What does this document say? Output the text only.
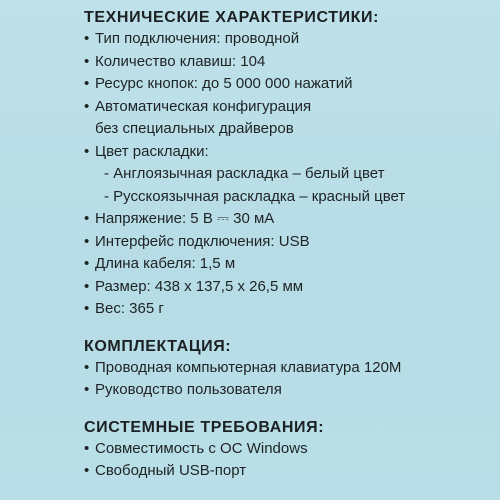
ТЕХНИЧЕСКИЕ ХАРАКТЕРИСТИКИ:
• Тип подключения: проводной
• Количество клавиш: 104
• Ресурс кнопок: до 5 000 000 нажатий
• Автоматическая конфигурация
без специальных драйверов
• Цвет раскладки:
- Англоязычная раскладка – белый цвет
- Русскоязычная раскладка – красный цвет
• Напряжение: 5 В ⎓ 30 мА
• Интерфейс подключения: USB
• Длина кабеля: 1,5 м
• Размер: 438 х 137,5 х 26,5 мм
• Вес: 365 г
КОМПЛЕКТАЦИЯ:
• Проводная компьютерная клавиатура 120М
• Руководство пользователя
СИСТЕМНЫЕ ТРЕБОВАНИЯ:
• Совместимость с ОС Windows
• Свободный USB-порт
